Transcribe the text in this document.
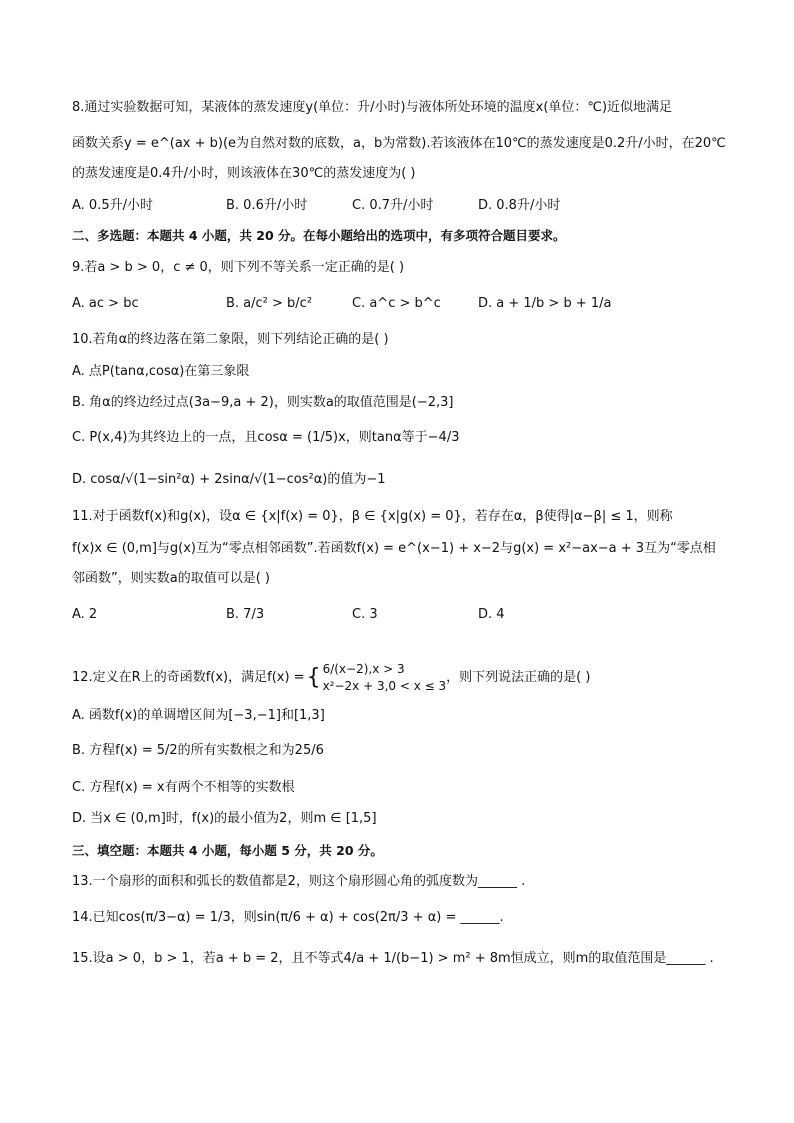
8.通过实验数据可知，某液体的蒸发速度y(单位：升/小时)与液体所处环境的温度x(单位：℃)近似地满足
函数关系y = e^(ax + b)(e为自然对数的底数，a，b为常数).若该液体在10℃的蒸发速度是0.2升/小时，在20℃
的蒸发速度是0.4升/小时，则该液体在30℃的蒸发速度为( )
A. 0.5升/小时	B. 0.6升/小时	C. 0.7升/小时	D. 0.8升/小时
二、多选题：本题共 4 小题，共 20 分。在每小题给出的选项中，有多项符合题目要求。
9.若a > b > 0，c ≠ 0，则下列不等关系一定正确的是( )
A. ac > bc	B. a/c² > b/c²	C. a^c > b^c	D. a + 1/b > b + 1/a
10.若角α的终边落在第二象限，则下列结论正确的是( )
A. 点P(tanα,cosα)在第三象限
B. 角α的终边经过点(3a−9,a + 2)，则实数a的取值范围是(−2,3]
C. P(x,4)为其终边上的一点，且cosα = (1/5)x，则tanα等于−4/3
D. cosα/√(1−sin²α) + 2sinα/√(1−cos²α)的值为−1
11.对于函数f(x)和g(x)，设α ∈ {x|f(x) = 0}，β ∈ {x|g(x) = 0}，若存在α，β使得|α−β| ≤ 1，则称
f(x)x ∈ (0,m]与g(x)互为“零点相邻函数”.若函数f(x) = e^(x−1) + x−2与g(x) = x²−ax−a + 3互为“零点相
邻函数”，则实数a的取值可以是( )
A. 2	B. 7/3	C. 3	D. 4
12.定义在R上的奇函数f(x)，满足f(x) = { 6/(x−2),x > 3
x²−2x + 3,0 < x ≤ 3
，则下列说法正确的是( )
A. 函数f(x)的单调增区间为[−3,−1]和[1,3]
B. 方程f(x) = 5/2的所有实数根之和为25/6
C. 方程f(x) = x有两个不相等的实数根
D. 当x ∈ (0,m]时，f(x)的最小值为2，则m ∈ [1,5]
三、填空题：本题共 4 小题，每小题 5 分，共 20 分。
13.一个扇形的面积和弧长的数值都是2，则这个扇形圆心角的弧度数为______ .
14.已知cos(π/3−α) = 1/3，则sin(π/6 + α) + cos(2π/3 + α) = ______.
15.设a > 0，b > 1，若a + b = 2，且不等式4/a + 1/(b−1) > m² + 8m恒成立，则m的取值范围是______ .
